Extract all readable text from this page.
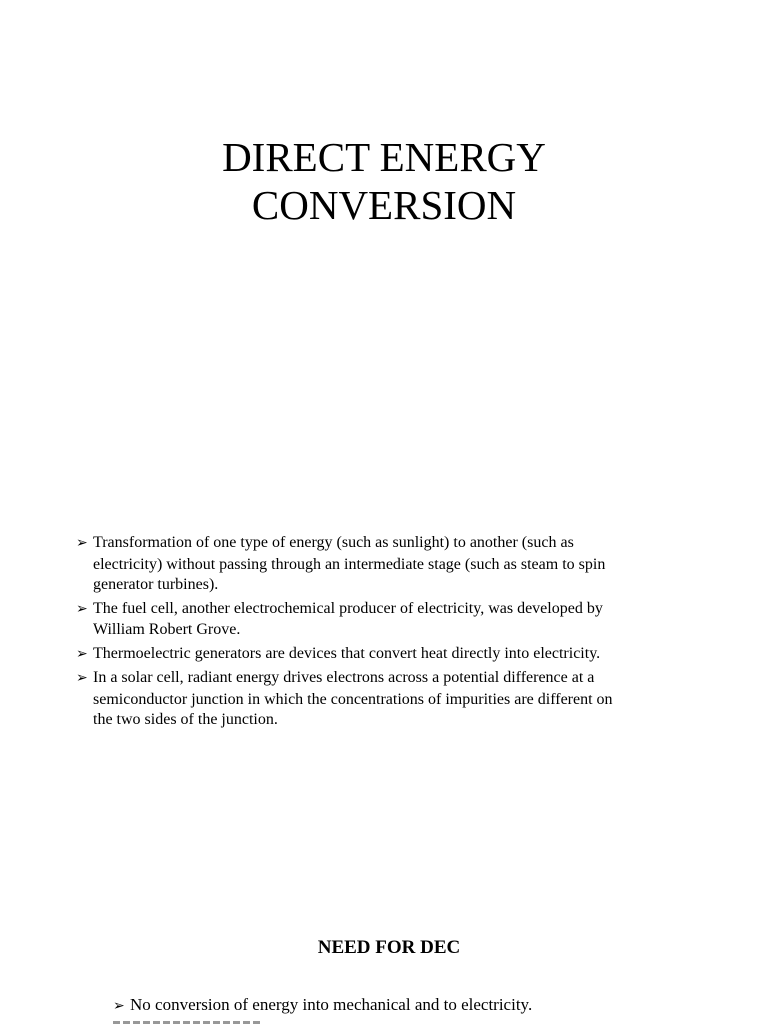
DIRECT ENERGY
CONVERSION
➢ Transformation of one type of energy (such as sunlight) to another (such as electricity) without passing through an intermediate stage (such as steam to spin generator turbines).
➢ The fuel cell, another electrochemical producer of electricity, was developed by William Robert Grove.
➢ Thermoelectric generators are devices that convert heat directly into electricity.
➢ In a solar cell, radiant energy drives electrons across a potential difference at a semiconductor junction in which the concentrations of impurities are different on the two sides of the junction.
NEED FOR DEC
➢ No conversion of energy into mechanical and to electricity.
